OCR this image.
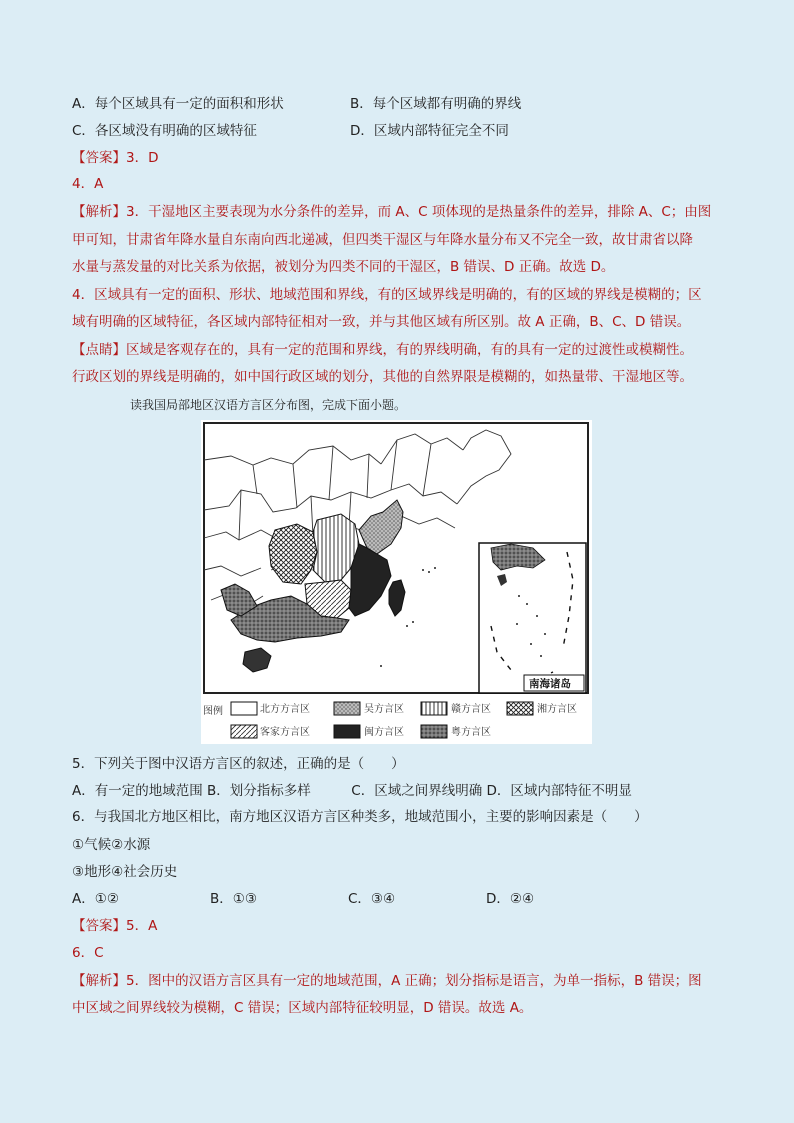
A．每个区域具有一定的面积和形状	B．每个区域都有明确的界线
C．各区域没有明确的区域特征	D．区域内部特征完全不同
【答案】3．D
4．A
【解析】3．干湿地区主要表现为水分条件的差异，而 A、C 项体现的是热量条件的差异，排除 A、C；由图
甲可知，甘肃省年降水量自东南向西北递减，但四类干湿区与年降水量分布又不完全一致，故甘肃省以降
水量与蒸发量的对比关系为依据，被划分为四类不同的干湿区，B 错误、D 正确。故选 D。
4．区域具有一定的面积、形状、地域范围和界线，有的区域界线是明确的，有的区域的界线是模糊的；区
域有明确的区域特征，各区域内部特征相对一致，并与其他区域有所区别。故 A 正确，B、C、D 错误。
【点睛】区域是客观存在的，具有一定的范围和界线，有的界线明确，有的具有一定的过渡性或模糊性。
行政区划的界线是明确的，如中国行政区域的划分，其他的自然界限是模糊的，如热量带、干湿地区等。
读我国局部地区汉语方言区分布图，完成下面小题。
南海诸岛
图例	北方方言区	吴方言区	赣方言区	湘方言区
客家方言区	闽方言区	粤方言区
5．下列关于图中汉语方言区的叙述，正确的是（　　）
A．有一定的地域范围 B．划分指标多样　　　C．区域之间界线明确 D．区域内部特征不明显
6．与我国北方地区相比，南方地区汉语方言区种类多，地域范围小，主要的影响因素是（　　）
①气候②水源
③地形④社会历史
A．①②	B．①③	C．③④	D．②④
【答案】5．A
6．C
【解析】5．图中的汉语方言区具有一定的地域范围，A 正确；划分指标是语言，为单一指标，B 错误；图
中区域之间界线较为模糊，C 错误；区域内部特征较明显，D 错误。故选 A。
